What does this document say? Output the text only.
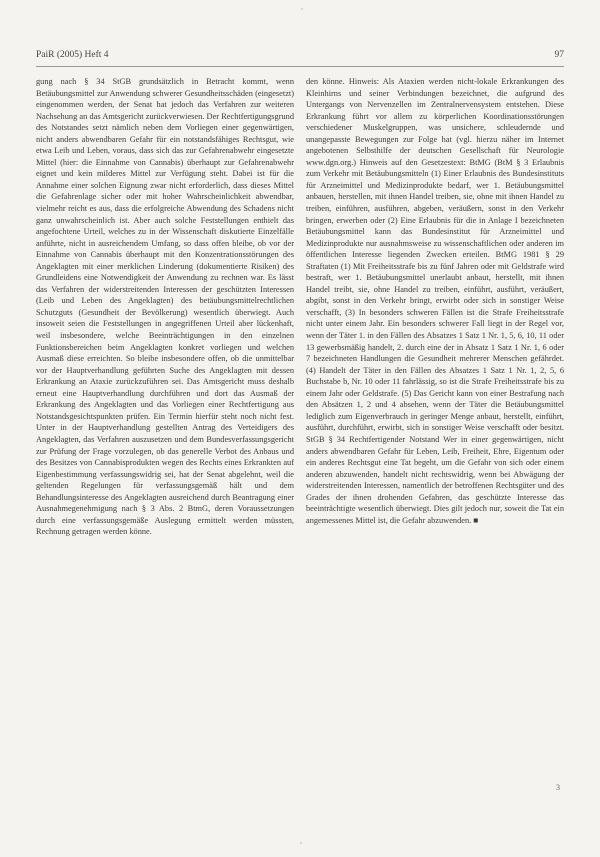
PaiR (2005) Heft 4	97

gung nach § 34 StGB grundsätzlich in Betracht kommt, wenn Betäubungsmittel zur Anwendung schwerer Gesundheitsschäden (eingesetzt) eingenommen werden, der Senat hat jedoch das Verfahren zur weiteren Nachsehung an das Amtsgericht zurückverwiesen. Der Rechtfertigungsgrund des Notstandes setzt nämlich neben dem Vorliegen einer gegenwärtigen, nicht anders abwendbaren Gefahr für ein notstandsfähiges Rechtsgut, wie etwa Leib und Leben, voraus, dass sich das zur Gefahrenabwehr eingesetzte Mittel (hier: die Einnahme von Cannabis) überhaupt zur Gefahrenabwehr eignet und kein milderes Mittel zur Verfügung steht. Dabei ist für die Annahme einer solchen Eignung zwar nicht erforderlich, dass dieses Mittel die Gefahrenlage sicher oder mit hoher Wahrscheinlichkeit abwendbar, vielmehr reicht es aus, dass die erfolgreiche Abwendung des Schadens nicht ganz unwahrscheinlich ist. Aber auch solche Feststellungen enthielt das angefochtene Urteil, welches zu in der Wissenschaft diskutierte Einzelfälle anführte, nicht in ausreichendem Umfang, so dass offen bleibe, ob vor der Einnahme von Cannabis überhaupt mit den Konzentrationsstörungen des Angeklagten mit einer merklichen Linderung (dokumentierte Risiken) des Grundleidens eine Notwendigkeit der Anwendung zu rechnen war. Es lässt das Verfahren der widerstreitenden Interessen der geschützten Interessen (Leib und Leben des Angeklagten) des betäubungsmittelrechtlichen Schutzguts (Gesundheit der Bevölkerung) wesentlich überwiegt. Auch insoweit seien die Feststellungen in angegriffenen Urteil aber lückenhaft, weil insbesondere, welche Beeinträchtigungen in den einzelnen Funktionsbereichen beim Angeklagten konkret vorliegen und welchen Ausmaß diese erreichten. So bleibe insbesondere offen, ob die unmittelbar vor der Hauptverhandlung geführten Suche des Angeklagten mit dessen Erkrankung an Ataxie zurückzuführen sei. Das Amtsgericht muss deshalb erneut eine Hauptverhandlung durchführen und dort das Ausmaß der Erkrankung des Angeklagten und das Vorliegen einer Rechtfertigung aus Notstandsgesichtspunkten prüfen. Ein Termin hierfür steht noch nicht fest. Unter in der Hauptverhandlung gestellten Antrag des Verteidigers des Angeklagten, das Verfahren auszusetzen und dem Bundesverfassungsgericht zur Prüfung der Frage vorzulegen, ob das generelle Verbot des Anbaus und des Besitzes von Cannabisprodukten wegen des Rechts eines Erkrankten auf Eigenbestimmung verfassungswidrig sei, hat der Senat abgelehnt, weil die geltenden Regelungen für verfassungsgemäß hält und dem Behandlungsinteresse des Angeklagten ausreichend durch Beantragung einer Ausnahmegenehmigung nach § 3 Abs. 2 BtmG, deren Voraussetzungen durch eine verfassungsgemäße Auslegung ermittelt werden müssten, Rechnung getragen werden könne.

den könne. Hinweis: Als Ataxien werden nicht-lokale Erkrankungen des Kleinhirns und seiner Verbindungen bezeichnet, die aufgrund des Untergangs von Nervenzellen im Zentralnervensystem entstehen. Diese Erkrankung führt vor allem zu körperlichen Koordinationsstörungen verschiedener Muskelgruppen, was unsichere, schleudernde und unangepasste Bewegungen zur Folge hat (vgl. hierzu näher im Internet angebotenen Selbsthilfe der deutschen Gesellschaft für Neurologie www.dgn.org.) Hinweis auf den Gesetzestext: BtMG (BtM § 3 Erlaubnis zum Verkehr mit Betäubungsmitteln (1) Einer Erlaubnis des Bundesinstituts für Arzneimittel und Medizinprodukte bedarf, wer 1. Betäubungsmittel anbauen, herstellen, mit ihnen Handel treiben, sie, ohne mit ihnen Handel zu treiben, einführen, ausführen, abgeben, veräußern, sonst in den Verkehr bringen, erwerben oder (2) Eine Erlaubnis für die in Anlage I bezeichneten Betäubungsmittel kann das Bundesinstitut für Arzneimittel und Medizinprodukte nur ausnahmsweise zu wissenschaftlichen oder anderen im öffentlichen Interesse liegenden Zwecken erteilen. BtMG 1981 § 29 Straftaten (1) Mit Freiheitsstrafe bis zu fünf Jahren oder mit Geldstrafe wird bestraft, wer 1. Betäubungsmittel unerlaubt anbaut, herstellt, mit ihnen Handel treibt, sie, ohne Handel zu treiben, einführt, ausführt, veräußert, abgibt, sonst in den Verkehr bringt, erwirbt oder sich in sonstiger Weise verschafft, (3) In besonders schweren Fällen ist die Strafe Freiheitsstrafe nicht unter einem Jahr. Ein besonders schwerer Fall liegt in der Regel vor, wenn der Täter 1. in den Fällen des Absatzes 1 Satz 1 Nr. 1, 5, 6, 10, 11 oder 13 gewerbsmäßig handelt, 2. durch eine der in Absatz 1 Satz 1 Nr. 1, 6 oder 7 bezeichneten Handlungen die Gesundheit mehrerer Menschen gefährdet. (4) Handelt der Täter in den Fällen des Absatzes 1 Satz 1 Nr. 1, 2, 5, 6 Buchstabe b, Nr. 10 oder 11 fahrlässig, so ist die Strafe Freiheitsstrafe bis zu einem Jahr oder Geldstrafe. (5) Das Gericht kann von einer Bestrafung nach den Absätzen 1, 2 und 4 absehen, wenn der Täter die Betäubungsmittel lediglich zum Eigenverbrauch in geringer Menge anbaut, herstellt, einführt, ausführt, durchführt, erwirbt, sich in sonstiger Weise verschafft oder besitzt. StGB § 34 Rechtfertigender Notstand Wer in einer gegenwärtigen, nicht anders abwendbaren Gefahr für Leben, Leib, Freiheit, Ehre, Eigentum oder ein anderes Rechtsgut eine Tat begeht, um die Gefahr von sich oder einem anderen abzuwenden, handelt nicht rechtswidrig, wenn bei Abwägung der widerstreitenden Interessen, namentlich der betroffenen Rechtsgüter und des Grades der ihnen drohenden Gefahren, das geschützte Interesse das beeinträchtigte wesentlich überwiegt. Dies gilt jedoch nur, soweit die Tat ein angemessenes Mittel ist, die Gefahr abzuwenden. ■

3
